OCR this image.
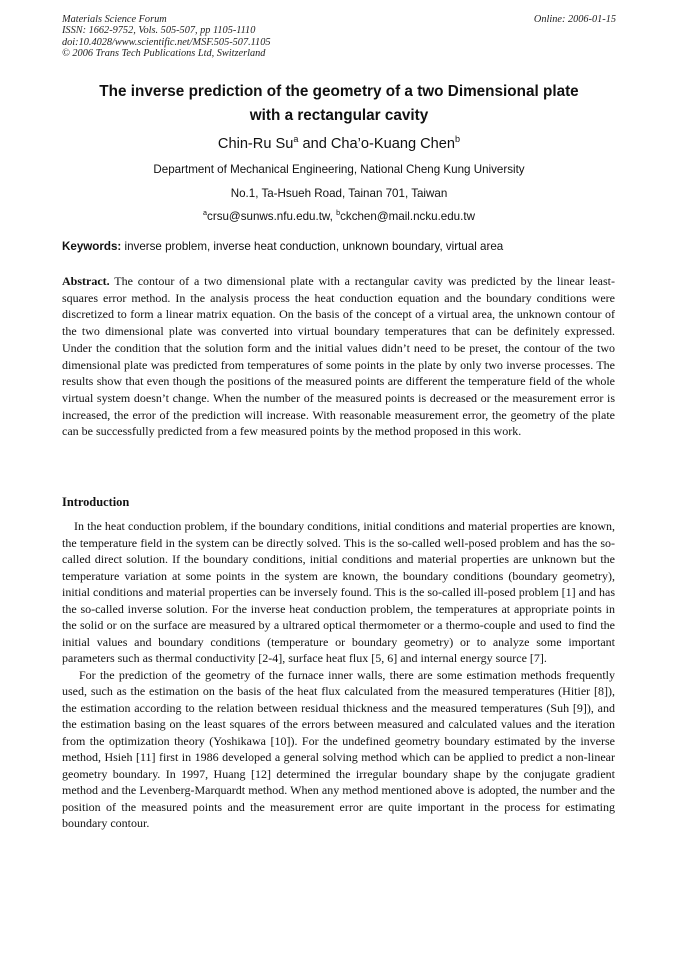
Materials Science Forum
ISSN: 1662-9752, Vols. 505-507, pp 1105-1110
doi:10.4028/www.scientific.net/MSF.505-507.1105
© 2006 Trans Tech Publications Ltd, Switzerland
Online: 2006-01-15
The inverse prediction of the geometry of a two Dimensional plate
with a rectangular cavity
Chin-Ru Su$^a$ and Cha’o-Kuang Chen$^b$
Department of Mechanical Engineering, National Cheng Kung University
No.1, Ta-Hsueh Road, Tainan 701, Taiwan
$^a$crsu@sunws.nfu.edu.tw, $^b$ckchen@mail.ncku.edu.tw
Keywords: inverse problem, inverse heat conduction, unknown boundary, virtual area
Abstract. The contour of a two dimensional plate with a rectangular cavity was predicted by the linear least-squares error method. In the analysis process the heat conduction equation and the boundary conditions were discretized to form a linear matrix equation. On the basis of the concept of a virtual area, the unknown contour of the two dimensional plate was converted into virtual boundary temperatures that can be definitely expressed. Under the condition that the solution form and the initial values didn’t need to be preset, the contour of the two dimensional plate was predicted from temperatures of some points in the plate by only two inverse processes. The results show that even though the positions of the measured points are different the temperature field of the whole virtual system doesn’t change. When the number of the measured points is decreased or the measurement error is increased, the error of the prediction will increase. With reasonable measurement error, the geometry of the plate can be successfully predicted from a few measured points by the method proposed in this work.
Introduction

In the heat conduction problem, if the boundary conditions, initial conditions and material properties are known, the temperature field in the system can be directly solved. This is the so-called well-posed problem and has the so-called direct solution. If the boundary conditions, initial conditions and material properties are unknown but the temperature variation at some points in the system are known, the boundary conditions (boundary geometry), initial conditions and material properties can be inversely found. This is the so-called ill-posed problem [1] and has the so-called inverse solution. For the inverse heat conduction problem, the temperatures at appropriate points in the solid or on the surface are measured by a ultrared optical thermometer or a thermo-couple and used to find the initial values and boundary conditions (temperature or boundary geometry) or to analyze some important parameters such as thermal conductivity [2-4], surface heat flux [5, 6] and internal energy source [7].

For the prediction of the geometry of the furnace inner walls, there are some estimation methods frequently used, such as the estimation on the basis of the heat flux calculated from the measured temperatures (Hitier [8]), the estimation according to the relation between residual thickness and the measured temperatures (Suh [9]), and the estimation basing on the least squares of the errors between measured and calculated values and the iteration from the optimization theory (Yoshikawa [10]). For the undefined geometry boundary estimated by the inverse method, Hsieh [11] first in 1986 developed a general solving method which can be applied to predict a non-linear geometry boundary. In 1997, Huang [12] determined the irregular boundary shape by the conjugate gradient method and the Levenberg-Marquardt method. When any method mentioned above is adopted, the number and the position of the measured points and the measurement error are quite important in the process for estimating boundary contour.
